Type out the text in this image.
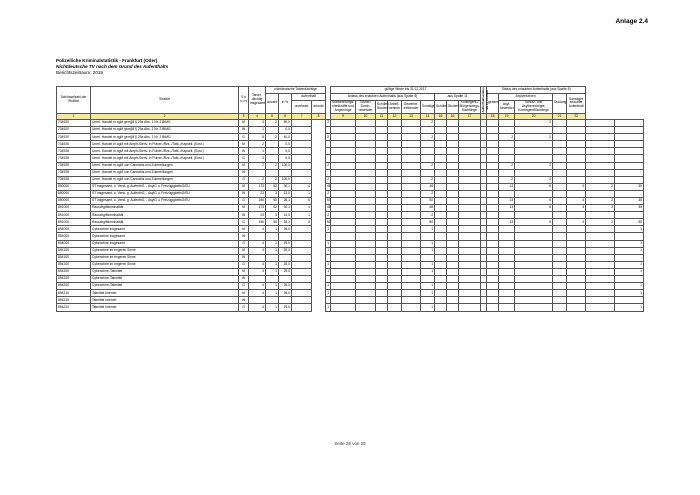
Anlage 2.4
Polizeiliche Kriminalstatistik - Frankfurt (Oder)
Nichtdeutsche TV nach dem Grund des Aufenthalts
Berichtszeitraum: 2019
Schlüsselzahl der Straftat	Straftat	S e x u s	Tatver-dächtig insgesamt	nichtdeutsche Tatverdächtige					gültige Werte bis 31.12.2017									Aufenthaltsstatus ab 01.01.2018	Status des erlaubten Aufenthalts (aus Spalte 8)						
				Anzahl	in %	Aufenthalt			Anlass des erlaubten Aufenthalts (aus Spalte 8)						aus Spalte 11				gesamt	Asylverfahren		Duldung	Sonstiger erlaubter Aufenthalt		
						unerlaubt	erlaubt		Stationierungs-streitkräfte und Angehörige	Tourist / Durch-reisender	Schüler/ Student	Arbeit-nehmer	Gewerbe-treibender	Sonstige	Schüler	Student	Kontingent-/ Bürgerkriegs-flüchtlinge			Asyl-bewerber	Schutz- und Asylberechtigte, Kontingentflüchtlinge				

1	2	3	4	5	6	7	8		9	10	11	12	13	14	15	16	17		18	19	20	21	22		
734920	Unerl. Handel m.ngM gem§8 § 29a Abs. 1 Nr. 2 BtMG	M	4	2	50,0			2						2							2				
734920	Unerl. Handel m.ngM gem§8 § 29a Abs. 1 Nr. 2 BtMG	W	1		0,0																				
734920	Unerl. Handel m.ngM gem§8 § 29a Abs. 1 Nr. 2 BtMG	G	5	2	40,0			2						2						2	2				
734926	Unerl. Handel m.ngM mit Amph./Deriv. in Pulver-/Rzs.-/Tabl.-/Kapself. (Ecst.)	M	2		0,0																				
734926	Unerl. Handel m.ngM mit Amph./Deriv. in Pulver-/Rzs.-/Tabl.-/Kapself. (Ecst.)	W	1		0,0																				
734926	Unerl. Handel m.ngM mit Amph./Deriv. in Pulver-/Rzs.-/Tabl.-/Kapself. (Ecst.)	G	3		0,0																				
734928	Unerl. Handel m.ngM von Cannabis und Zubereitungen	M	2	2	100,0			2						2						2	2				
734928	Unerl. Handel m.ngM von Cannabis und Zubereitungen	W																							
734928	Unerl. Handel m.ngM von Cannabis und Zubereitungen	G	2	2	100,0			2						2						2	2				
890000	ST insgesamt, o. Verst. g. AufenthG, - AsylG u. FreizügigkeitsG/EU	M	173	52	30,1	4		48						48						13	6		4	2	35
890000	ST insgesamt, o. Verst. g. AufenthG, - AsylG u. FreizügigkeitsG/EU	W	23	3	13,0	1		2						2											
890000	ST insgesamt, o. Verst. g. AufenthG, - AsylG u. FreizügigkeitsG/EU	G	196	55	28,1	5		50						50						13	6		4	2	35
891000	Rauschgiftkriminalität	M	173	52	30,1	4		48						48						13	6		4	2	35
891000	Rauschgiftkriminalität	W	23	3	13,0	1		2						2											
891000	Rauschgiftkriminalität	G	196	55	28,1	5		50						50						13	6		4	2	35
894000	Cybercrime insgesamt	M	4	1	25,0			1						1											1
894000	Cybercrime insgesamt	W																							
894000	Cybercrime insgesamt	G	4	1	25,0			1						1											1
894100	Cybercrime im engeren Sinne	M	4	1	25,0			1						1											1
894100	Cybercrime im engeren Sinne	W																							
894100	Cybercrime im engeren Sinne	G	4	1	25,0			1						1											1
894200	Cybercrime-Tatmittel	M	4	1	25,0			1						1											1
894200	Cybercrime-Tatmittel	W																							
894200	Cybercrime-Tatmittel	G	4	1	25,0			1						1											1
894210	Tatmittel Internet	M	4	1	25,0			1						1											1
894210	Tatmittel Internet	W																							
894210	Tatmittel Internet	G	4	1	25,0			1						1											1
Seite 25 von 25
